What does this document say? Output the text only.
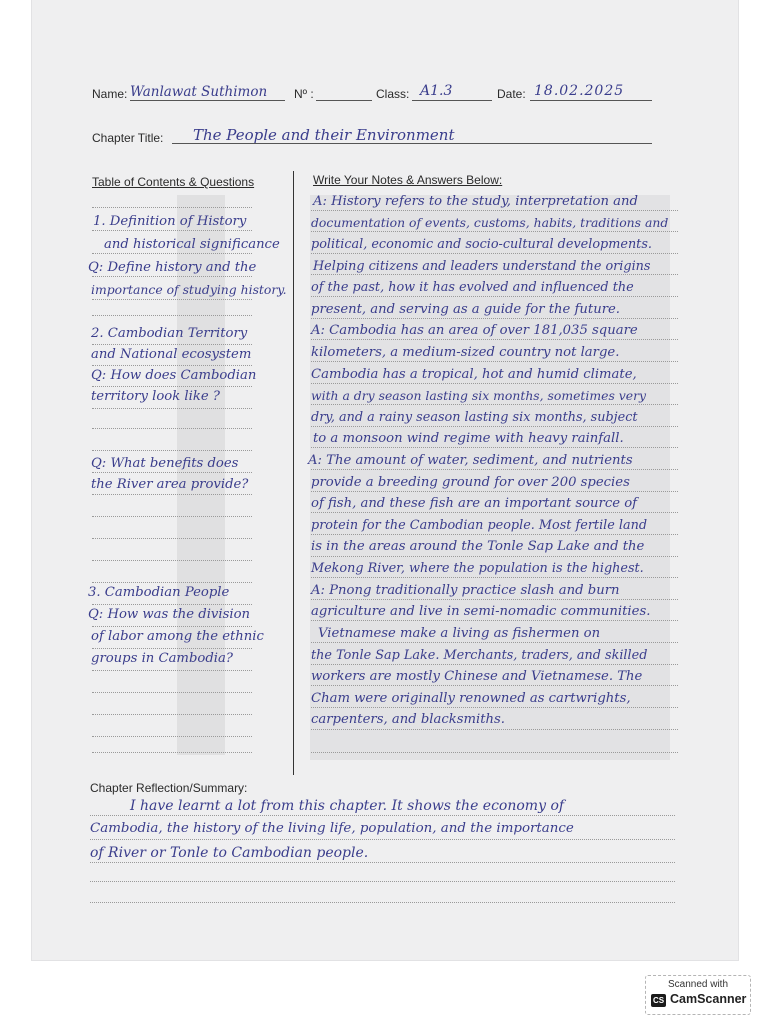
Name: Wanlawat Suthimon Nº :	Class: A1.3	Date: 18.02.2025
Chapter Title: The People and their Environment
Table of Contents & Questions	Write Your Notes & Answers Below:
1. Definition of History
and historical significance
Q: Define history and the
importance of studying history.
2. Cambodian Territory
and National ecosystem
Q: How does Cambodian
territory look like ?
Q: What benefits does
the River area provide?
3. Cambodian People
Q: How was the division
of labor among the ethnic
groups in Cambodia?
A: History refers to the study, interpretation and
documentation of events, customs, habits, traditions and
political, economic and socio-cultural developments.
Helping citizens and leaders understand the origins
of the past, how it has evolved and influenced the
present, and serving as a guide for the future.
A: Cambodia has an area of over 181,035 square
kilometers, a medium-sized country not large.
Cambodia has a tropical, hot and humid climate,
with a dry season lasting six months, sometimes very
dry, and a rainy season lasting six months, subject
to a monsoon wind regime with heavy rainfall.
A: The amount of water, sediment, and nutrients
provide a breeding ground for over 200 species
of fish, and these fish are an important source of
protein for the Cambodian people. Most fertile land
is in the areas around the Tonle Sap Lake and the
Mekong River, where the population is the highest.
A: Pnong traditionally practice slash and burn
agriculture and live in semi-nomadic communities.
Vietnamese make a living as fishermen on
the Tonle Sap Lake. Merchants, traders, and skilled
workers are mostly Chinese and Vietnamese. The
Cham were originally renowned as cartwrights,
carpenters, and blacksmiths.
Chapter Reflection/Summary:
I have learnt a lot from this chapter. It shows the economy of
Cambodia, the history of the living life, population, and the importance
of River or Tonle to Cambodian people.
Scanned with
CS CamScanner
